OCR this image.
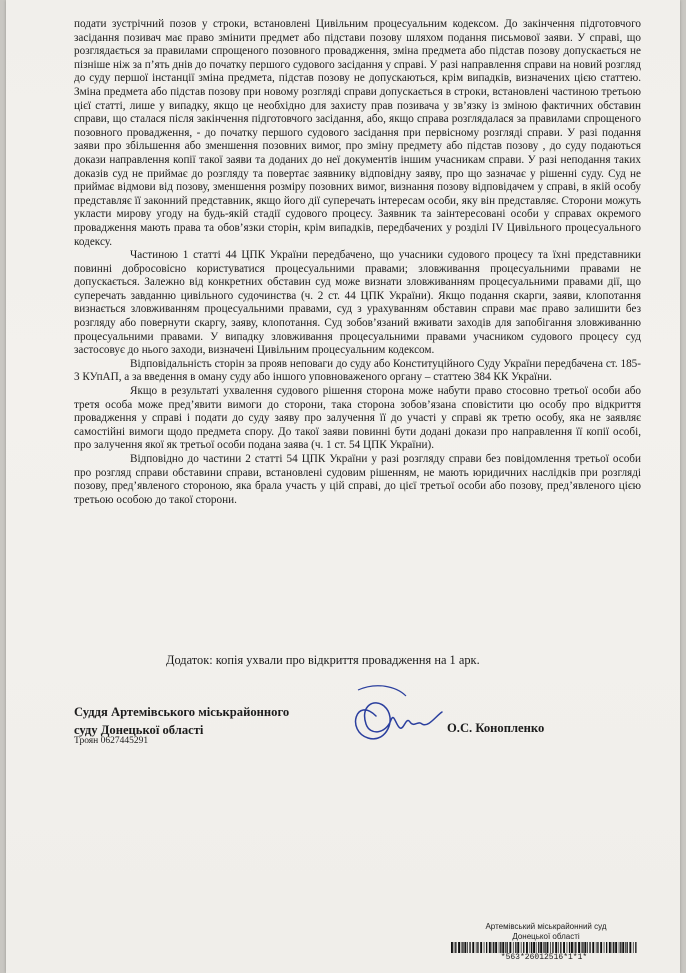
подати зустрічний позов у строки, встановлені Цивільним процесуальним кодексом. До закінчення підготовчого засідання позивач має право змінити предмет або підстави позову шляхом подання письмової заяви. У справі, що розглядається за правилами спрощеного позовного провадження, зміна предмета або підстав позову допускається не пізніше ніж за п’ять днів до початку першого судового засідання у справі. У разі направлення справи на новий розгляд до суду першої інстанції зміна предмета, підстав позову не допускаються, крім випадків, визначених цією статтею. Зміна предмета або підстав позову при новому розгляді справи допускається в строки, встановлені частиною третьою цієї статті, лише у випадку, якщо це необхідно для захисту прав позивача у зв’язку із зміною фактичних обставин справи, що сталася після закінчення підготовчого засідання, або, якщо справа розглядалася за правилами спрощеного позовного провадження, - до початку першого судового засідання при первісному розгляді справи. У разі подання заяви про збільшення або зменшення позовних вимог, про зміну предмету або підстав позову , до суду подаються докази направлення копії такої заяви та доданих до неї документів іншим учасникам справи. У разі неподання таких доказів суд не приймає до розгляду та повертає заявнику відповідну заяву, про що зазначає у рішенні суду. Суд не приймає відмови від позову, зменшення розміру позовних вимог, визнання позову відповідачем у справі, в якій особу представляє її законний представник, якщо його дії суперечать інтересам особи, яку він представляє. Сторони можуть укласти мирову угоду на будь-якій стадії судового процесу. Заявник та заінтересовані особи у справах окремого провадження мають права та обов’язки сторін, крім випадків, передбачених у розділі IV Цивільного процесуального кодексу.

Частиною 1 статті 44 ЦПК України передбачено, що учасники судового процесу та їхні представники повинні добросовісно користуватися процесуальними правами; зловживання процесуальними правами не допускається. Залежно від конкретних обставин суд може визнати зловживанням процесуальними правами дії, що суперечать завданню цивільного судочинства (ч. 2 ст. 44 ЦПК України). Якщо подання скарги, заяви, клопотання визнається зловживанням процесуальними правами, суд з урахуванням обставин справи має право залишити без розгляду або повернути скаргу, заяву, клопотання. Суд зобов’язаний вживати заходів для запобігання зловживанню процесуальними правами. У випадку зловживання процесуальними правами учасником судового процесу суд застосовує до нього заходи, визначені Цивільним процесуальним кодексом.

Відповідальність сторін за прояв неповаги до суду або Конституційного Суду України передбачена ст. 185-3 КУпАП, а за введення в оману суду або іншого уповноваженого органу – статтею 384 КК України.

Якщо в результаті ухвалення судового рішення сторона може набути право стосовно третьої особи або третя особа може пред’явити вимоги до сторони, така сторона зобов’язана сповістити цю особу про відкриття провадження у справі і подати до суду заяву про залучення її до участі у справі як третю особу, яка не заявляє самостійні вимоги щодо предмета спору. До такої заяви повинні бути додані докази про направлення її копії особі, про залучення якої як третьої особи подана заява (ч. 1 ст. 54 ЦПК України).

Відповідно до частини 2 статті 54 ЦПК України у разі розгляду справи без повідомлення третьої особи про розгляд справи обставини справи, встановлені судовим рішенням, не мають юридичних наслідків при розгляді позову, пред’явленого стороною, яка брала участь у цій справі, до цієї третьої особи або позову, пред’явленого цією третьою особою до такої сторони.

Додаток: копія ухвали про відкриття провадження на 1 арк.
Суддя Артемівського міськрайонного
суду Донецької області
Троян 0627445291
О.С. Конопленко
Артемівський міськрайонний суд
Донецької області
*563*26012516*1*1*
